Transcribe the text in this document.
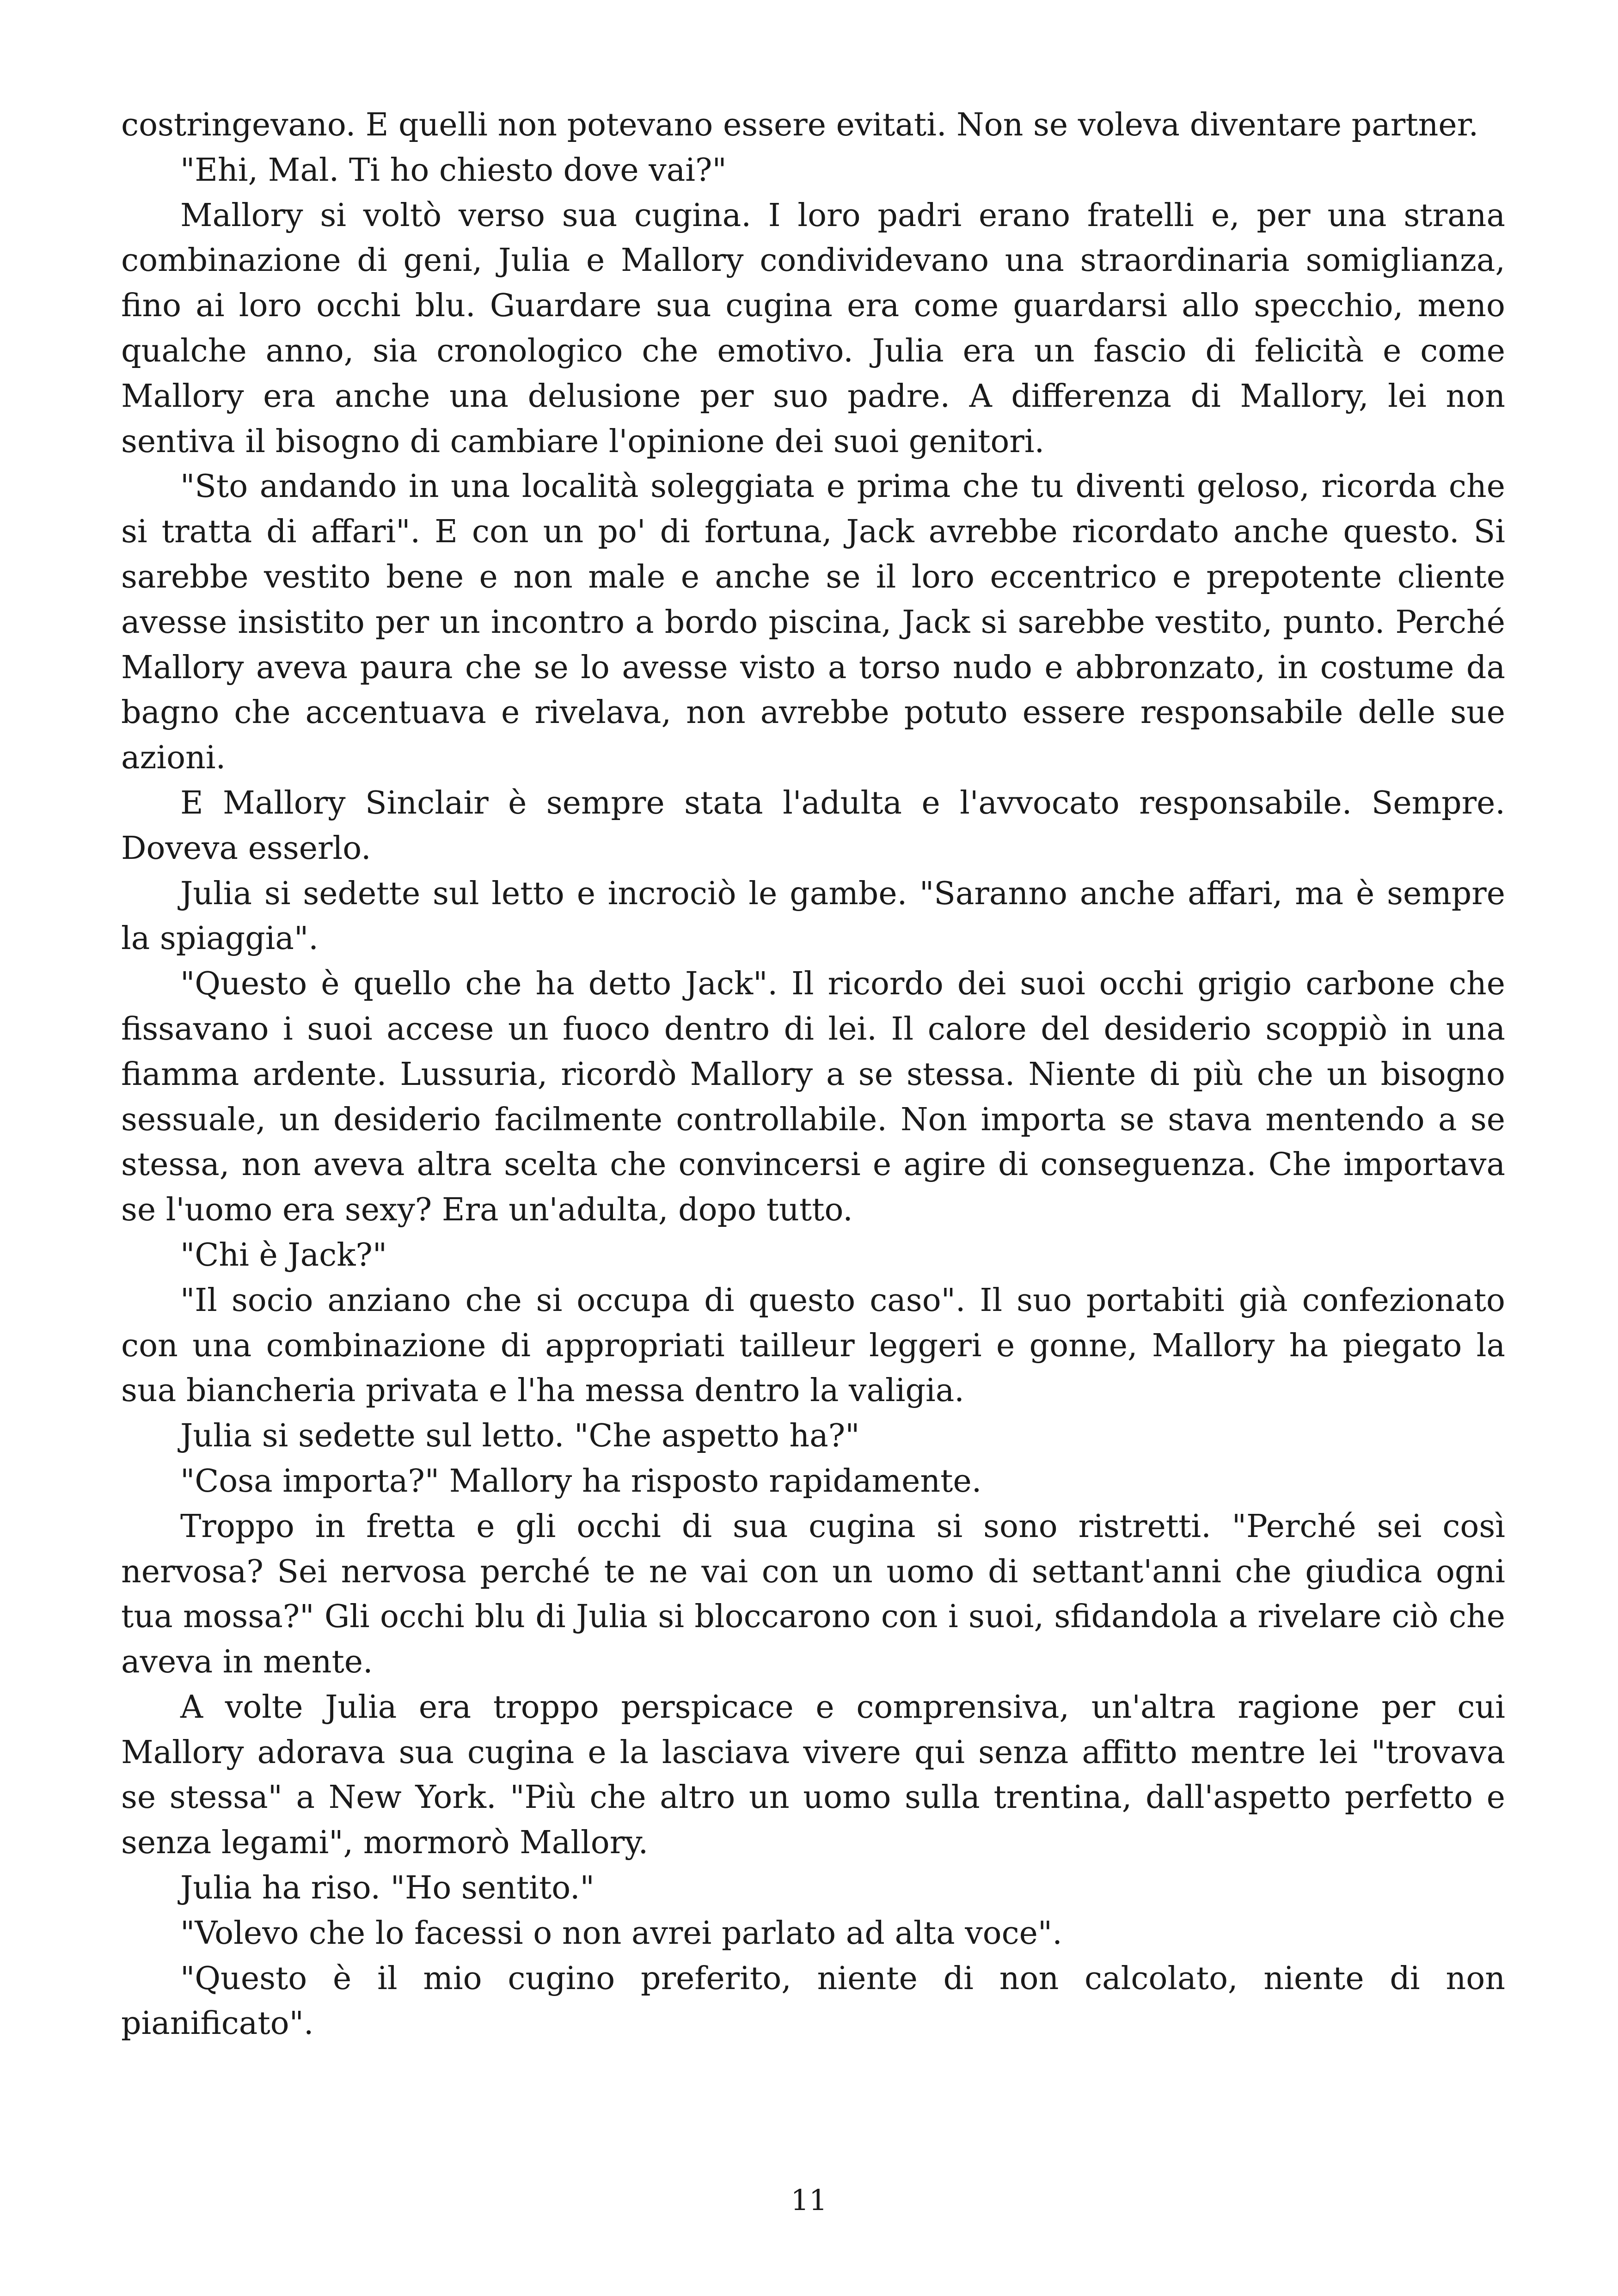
costringevano. E quelli non potevano essere evitati. Non se voleva diventare partner.

"Ehi, Mal. Ti ho chiesto dove vai?"

Mallory si voltò verso sua cugina. I loro padri erano fratelli e, per una strana combinazione di geni, Julia e Mallory condividevano una straordinaria somiglianza, fino ai loro occhi blu. Guardare sua cugina era come guardarsi allo specchio, meno qualche anno, sia cronologico che emotivo. Julia era un fascio di felicità e come Mallory era anche una delusione per suo padre. A differenza di Mallory, lei non sentiva il bisogno di cambiare l'opinione dei suoi genitori.

"Sto andando in una località soleggiata e prima che tu diventi geloso, ricorda che si tratta di affari". E con un po' di fortuna, Jack avrebbe ricordato anche questo. Si sarebbe vestito bene e non male e anche se il loro eccentrico e prepotente cliente avesse insistito per un incontro a bordo piscina, Jack si sarebbe vestito, punto. Perché Mallory aveva paura che se lo avesse visto a torso nudo e abbronzato, in costume da bagno che accentuava e rivelava, non avrebbe potuto essere responsabile delle sue azioni.

E Mallory Sinclair è sempre stata l'adulta e l'avvocato responsabile. Sempre. Doveva esserlo.

Julia si sedette sul letto e incrociò le gambe. "Saranno anche affari, ma è sempre la spiaggia".

"Questo è quello che ha detto Jack". Il ricordo dei suoi occhi grigio carbone che fissavano i suoi accese un fuoco dentro di lei. Il calore del desiderio scoppiò in una fiamma ardente. Lussuria, ricordò Mallory a se stessa. Niente di più che un bisogno sessuale, un desiderio facilmente controllabile. Non importa se stava mentendo a se stessa, non aveva altra scelta che convincersi e agire di conseguenza. Che importava se l'uomo era sexy? Era un'adulta, dopo tutto.

"Chi è Jack?"

"Il socio anziano che si occupa di questo caso". Il suo portabiti già confezionato con una combinazione di appropriati tailleur leggeri e gonne, Mallory ha piegato la sua biancheria privata e l'ha messa dentro la valigia.

Julia si sedette sul letto. "Che aspetto ha?"

"Cosa importa?" Mallory ha risposto rapidamente.

Troppo in fretta e gli occhi di sua cugina si sono ristretti. "Perché sei così nervosa? Sei nervosa perché te ne vai con un uomo di settant'anni che giudica ogni tua mossa?" Gli occhi blu di Julia si bloccarono con i suoi, sfidandola a rivelare ciò che aveva in mente.

A volte Julia era troppo perspicace e comprensiva, un'altra ragione per cui Mallory adorava sua cugina e la lasciava vivere qui senza affitto mentre lei "trovava se stessa" a New York. "Più che altro un uomo sulla trentina, dall'aspetto perfetto e senza legami", mormorò Mallory.

Julia ha riso. "Ho sentito."

"Volevo che lo facessi o non avrei parlato ad alta voce".

"Questo è il mio cugino preferito, niente di non calcolato, niente di non pianificato".

11
